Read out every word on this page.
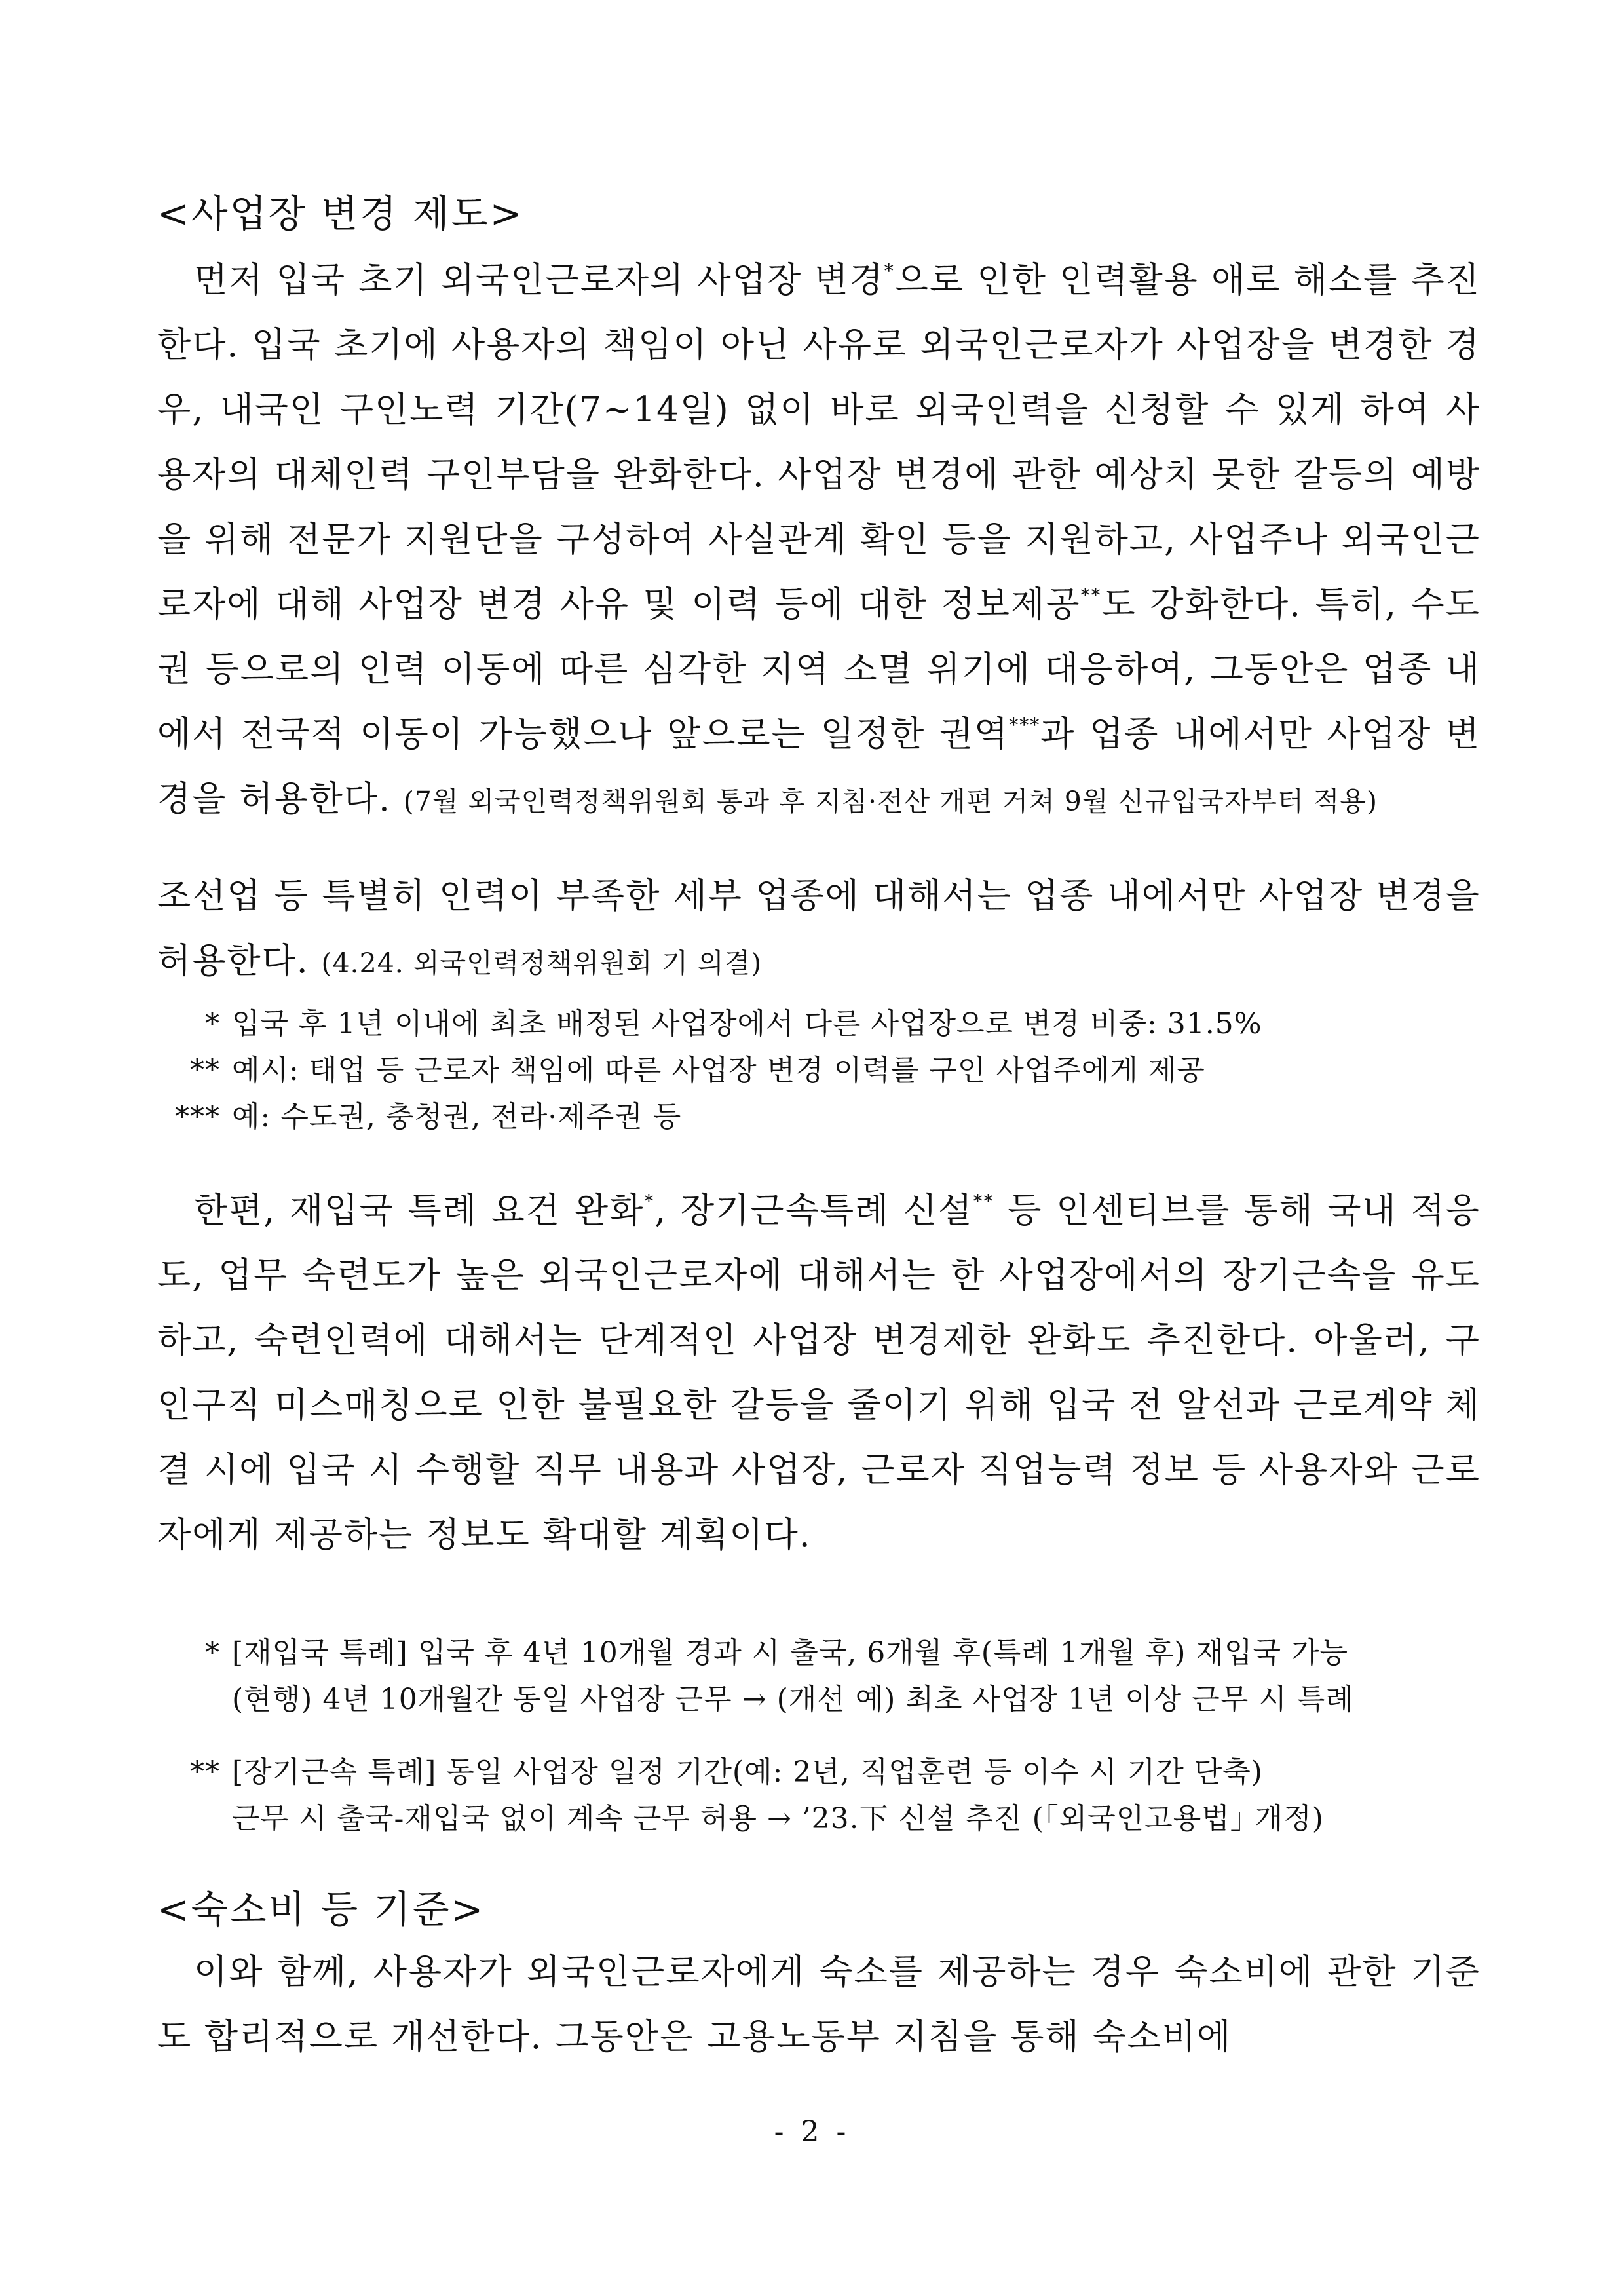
<사업장 변경 제도>
먼저 입국 초기 외국인근로자의 사업장 변경*으로 인한 인력활용 애로 해소를 추진한다. 입국 초기에 사용자의 책임이 아닌 사유로 외국인근로자가 사업장을 변경한 경우, 내국인 구인노력 기간(7~14일) 없이 바로 외국인력을 신청할 수 있게 하여 사용자의 대체인력 구인부담을 완화한다. 사업장 변경에 관한 예상치 못한 갈등의 예방을 위해 전문가 지원단을 구성하여 사실관계 확인 등을 지원하고, 사업주나 외국인근로자에 대해 사업장 변경 사유 및 이력 등에 대한 정보제공**도 강화한다. 특히, 수도권 등으로의 인력 이동에 따른 심각한 지역 소멸 위기에 대응하여, 그동안은 업종 내에서 전국적 이동이 가능했으나 앞으로는 일정한 권역***과 업종 내에서만 사업장 변경을 허용한다. (7월 외국인력정책위원회 통과 후 지침·전산 개편 거쳐 9월 신규입국자부터 적용)
조선업 등 특별히 인력이 부족한 세부 업종에 대해서는 업종 내에서만 사업장 변경을 허용한다. (4.24. 외국인력정책위원회 기 의결)
* 입국 후 1년 이내에 최초 배정된 사업장에서 다른 사업장으로 변경 비중: 31.5%
** 예시: 태업 등 근로자 책임에 따른 사업장 변경 이력를 구인 사업주에게 제공
*** 예: 수도권, 충청권, 전라·제주권 등
한편, 재입국 특례 요건 완화*, 장기근속특례 신설** 등 인센티브를 통해 국내 적응도, 업무 숙련도가 높은 외국인근로자에 대해서는 한 사업장에서의 장기근속을 유도하고, 숙련인력에 대해서는 단계적인 사업장 변경제한 완화도 추진한다. 아울러, 구인구직 미스매칭으로 인한 불필요한 갈등을 줄이기 위해 입국 전 알선과 근로계약 체결 시에 입국 시 수행할 직무 내용과 사업장, 근로자 직업능력 정보 등 사용자와 근로자에게 제공하는 정보도 확대할 계획이다.
* [재입국 특례] 입국 후 4년 10개월 경과 시 출국, 6개월 후(특례 1개월 후) 재입국 가능
(현행) 4년 10개월간 동일 사업장 근무 → (개선 예) 최초 사업장 1년 이상 근무 시 특례
** [장기근속 특례] 동일 사업장 일정 기간(예: 2년, 직업훈련 등 이수 시 기간 단축)
근무 시 출국-재입국 없이 계속 근무 허용 → ’23.下 신설 추진 (｢외국인고용법｣ 개정)
<숙소비 등 기준>
이와 함께, 사용자가 외국인근로자에게 숙소를 제공하는 경우 숙소비에 관한 기준도 합리적으로 개선한다. 그동안은 고용노동부 지침을 통해 숙소비에
- 2 -
